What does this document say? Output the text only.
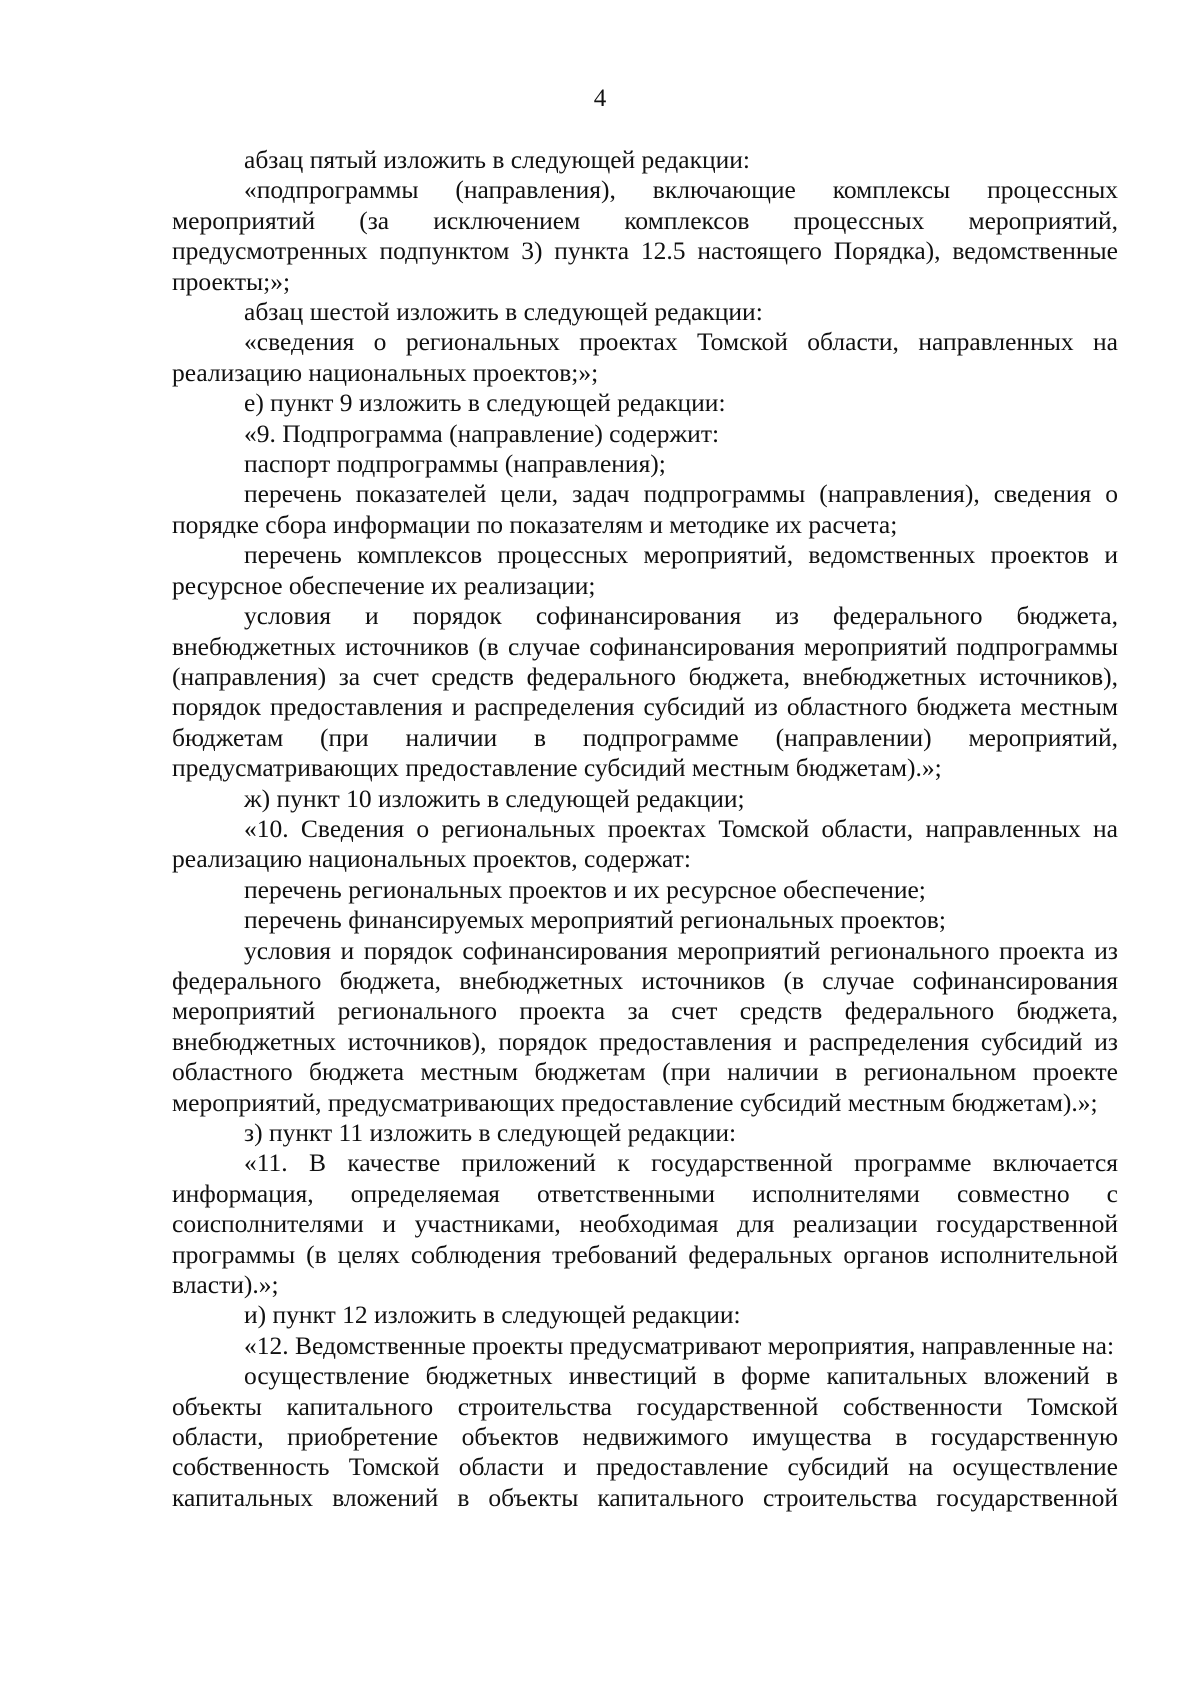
4

абзац пятый изложить в следующей редакции:

«подпрограммы (направления), включающие комплексы процессных мероприятий (за исключением комплексов процессных мероприятий, предусмотренных подпунктом 3) пункта 12.5 настоящего Порядка), ведомственные проекты;»;

абзац шестой изложить в следующей редакции:

«сведения о региональных проектах Томской области, направленных на реализацию национальных проектов;»;

е) пункт 9 изложить в следующей редакции:

«9. Подпрограмма (направление) содержит:

паспорт подпрограммы (направления);

перечень показателей цели, задач подпрограммы (направления), сведения о порядке сбора информации по показателям и методике их расчета;

перечень комплексов процессных мероприятий, ведомственных проектов и ресурсное обеспечение их реализации;

условия и порядок софинансирования из федерального бюджета, внебюджетных источников (в случае софинансирования мероприятий подпрограммы (направления) за счет средств федерального бюджета, внебюджетных источников), порядок предоставления и распределения субсидий из областного бюджета местным бюджетам (при наличии в подпрограмме (направлении) мероприятий, предусматривающих предоставление субсидий местным бюджетам).»;

ж) пункт 10 изложить в следующей редакции;

«10. Сведения о региональных проектах Томской области, направленных на реализацию национальных проектов, содержат:

перечень региональных проектов и их ресурсное обеспечение;

перечень финансируемых мероприятий региональных проектов;

условия и порядок софинансирования мероприятий регионального проекта из федерального бюджета, внебюджетных источников (в случае софинансирования мероприятий регионального проекта за счет средств федерального бюджета, внебюджетных источников), порядок предоставления и распределения субсидий из областного бюджета местным бюджетам (при наличии в региональном проекте мероприятий, предусматривающих предоставление субсидий местным бюджетам).»;

з) пункт 11 изложить в следующей редакции:

«11. В качестве приложений к государственной программе включается информация, определяемая ответственными исполнителями совместно с соисполнителями и участниками, необходимая для реализации государственной программы (в целях соблюдения требований федеральных органов исполнительной власти).»;

и) пункт 12 изложить в следующей редакции:

«12. Ведомственные проекты предусматривают мероприятия, направленные на:

осуществление бюджетных инвестиций в форме капитальных вложений в объекты капитального строительства государственной собственности Томской области, приобретение объектов недвижимого имущества в государственную собственность Томской области и предоставление субсидий на осуществление капитальных вложений в объекты капитального строительства государственной
